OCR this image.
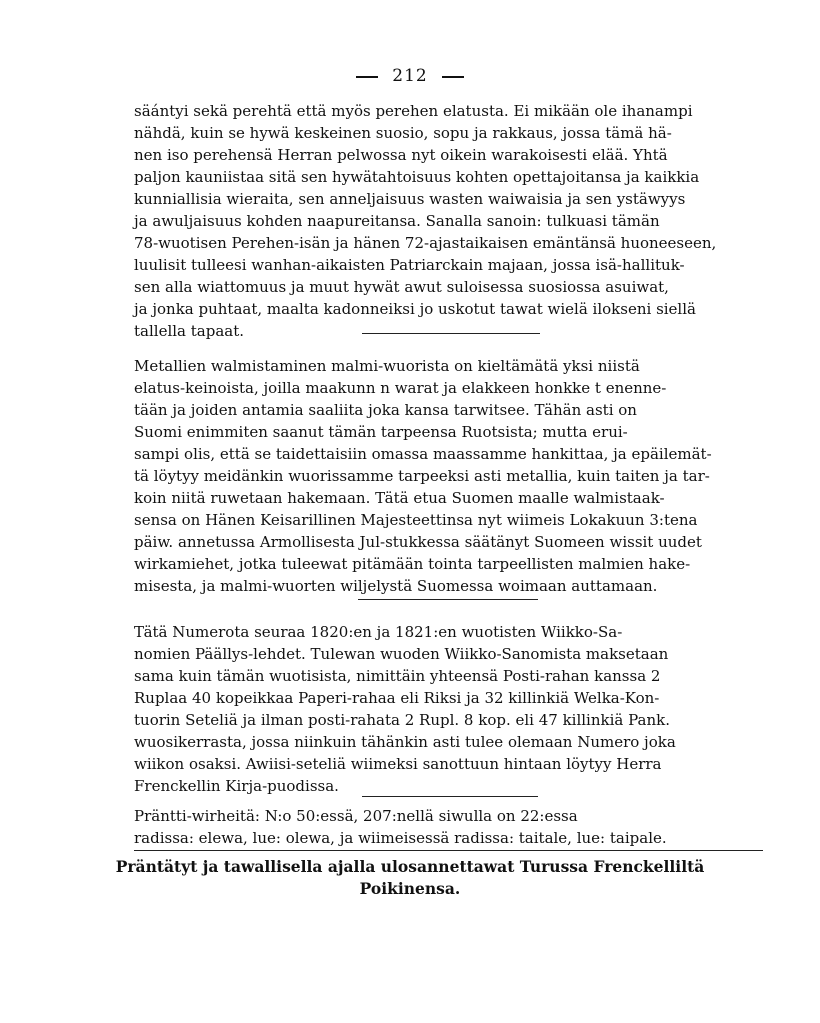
212
säántyi sekä perehtä että myös perehen elatusta. Ei mikään ole ihanampi
nähdä, kuin se hywä keskeinen suosio, sopu ja rakkaus, jossa tämä hä-
nen iso perehensä Herran pelwossa nyt oikein warakoisesti elää. Yhtä
paljon kauniistaa sitä sen hywätahtoisuus kohten opettajoitansa ja kaikkia
kunniallisia wieraita, sen anneljaisuus wasten waiwaisia ja sen ystäwyys
ja awuljaisuus kohden naapureitansa. Sanalla sanoin: tulkuasi tämän
78-wuotisen Perehen-isän ja hänen 72-ajastaikaisen emäntänsä huoneeseen,
luulisit tulleesi wanhan-aikaisten Patriarckain majaan, jossa isä-hallituk-
sen alla wiattomuus ja muut hywät awut suloisessa suosiossa asuiwat,
ja jonka puhtaat, maalta kadonneiksi jo uskotut tawat wielä ilokseni siellä
tallella tapaat.
Metallien walmistaminen malmi-wuorista on kieltämätä yksi niistä
elatus-keinoista, joilla maakunn n warat ja elakkeen honkke t enenne-
tään ja joiden antamia saaliita joka kansa tarwitsee. Tähän asti on
Suomi enimmiten saanut tämän tarpeensa Ruotsista; mutta erui-
sampi olis, että se taidettaisiin omassa maassamme hankittaa, ja epäilemät-
tä löytyy meidänkin wuorissamme tarpeeksi asti metallia, kuin taiten ja tar-
koin niitä ruwetaan hakemaan. Tätä etua Suomen maalle walmistaak-
sensa on Hänen Keisarillinen Majesteettinsa nyt wiimeis Lokakuun 3:tena
päiw. annetussa Armollisesta Jul-stukkessa säätänyt Suomeen wissit uudet
wirkamiehet, jotka tuleewat pitämään tointa tarpeellisten malmien hake-
misesta, ja malmi-wuorten wiljelystä Suomessa woimaan auttamaan.
Tätä Numerota seuraa 1820:en ja 1821:en wuotisten Wiikko-Sa-
nomien Päällys-lehdet. Tulewan wuoden Wiikko-Sanomista maksetaan
sama kuin tämän wuotisista, nimittäin yhteensä Posti-rahan kanssa 2
Ruplaa 40 kopeikkaa Paperi-rahaa eli Riksi ja 32 killinkiä Welka-Kon-
tuorin Seteliä ja ilman posti-rahata 2 Rupl. 8 kop. eli 47 killinkiä Pank.
wuosikerrasta, jossa niinkuin tähänkin asti tulee olemaan Numero joka
wiikon osaksi. Awiisi-seteliä wiimeksi sanottuun hintaan löytyy Herra
Frenckellin Kirja-puodissa.
Präntti-wirheitä: N:o 50:essä, 207:nellä siwulla on 22:essa
radissa: elewa, lue: olewa, ja wiimeisessä radissa: taitale, lue: taipale.
Präntätyt ja tawallisella ajalla ulosannettawat Turussa Frenckelliltä
Poikinensa.
